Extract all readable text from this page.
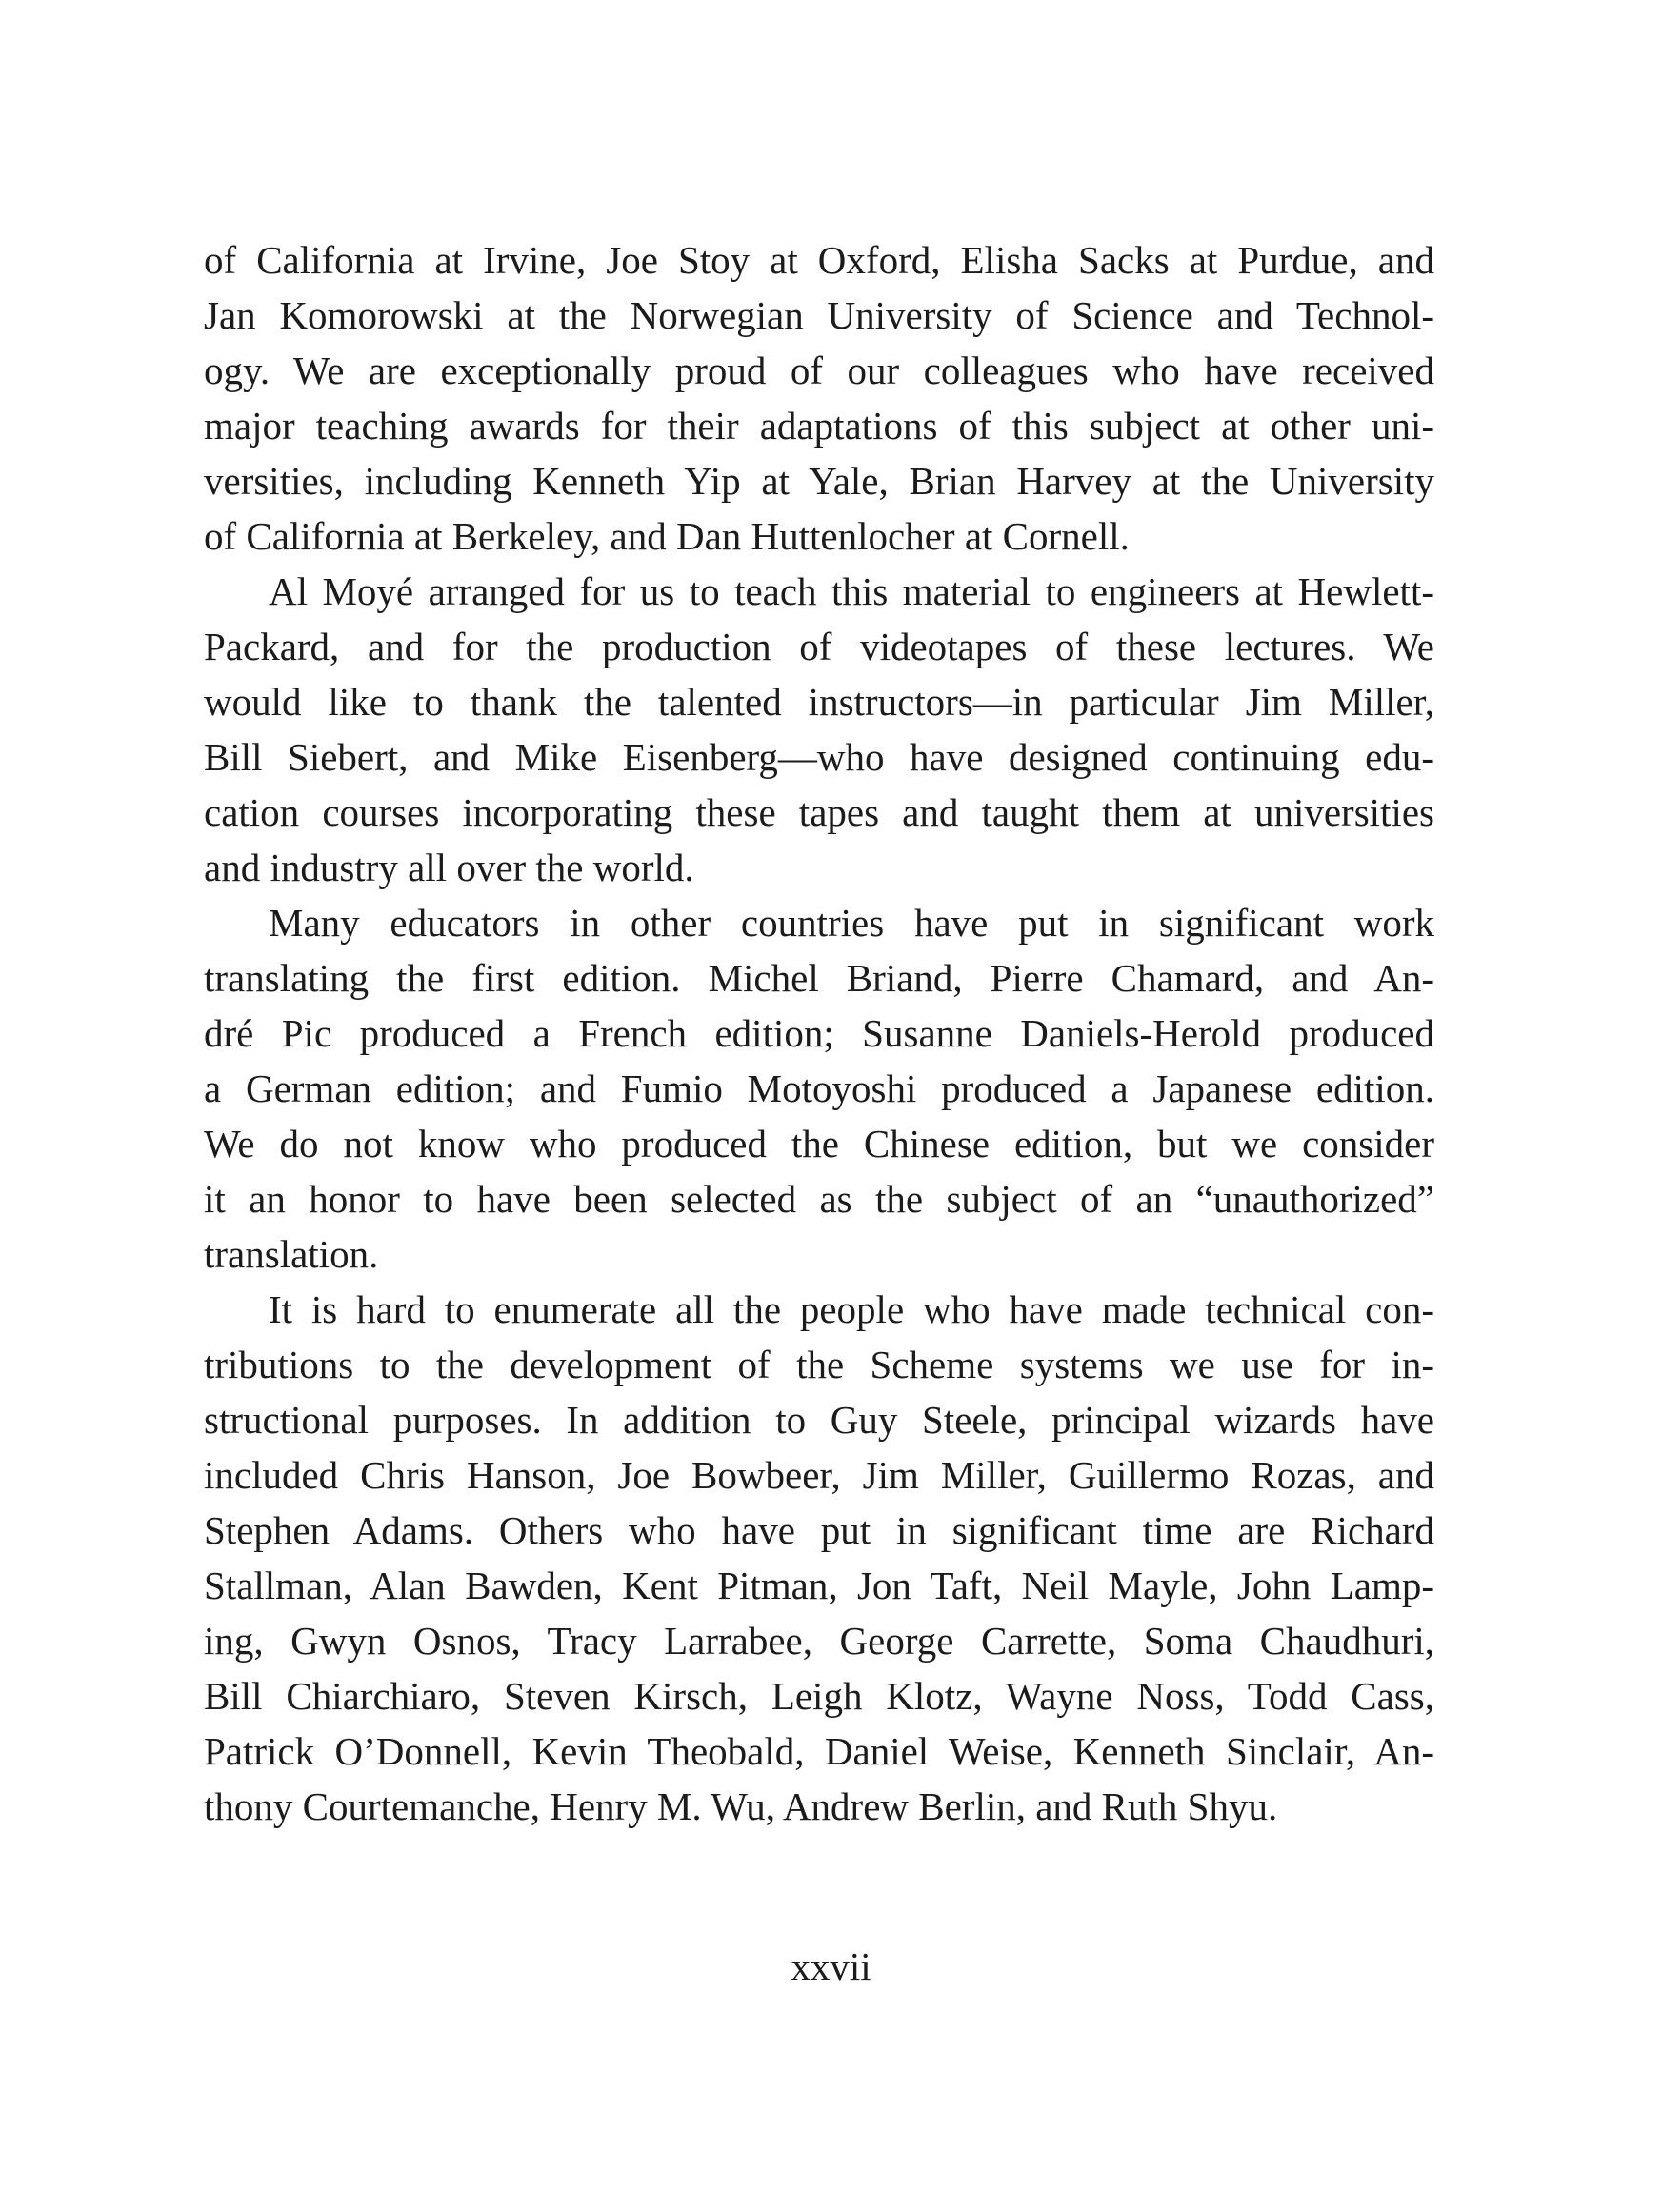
of California at Irvine, Joe Stoy at Oxford, Elisha Sacks at Purdue, and
Jan Komorowski at the Norwegian University of Science and Technol-
ogy. We are exceptionally proud of our colleagues who have received
major teaching awards for their adaptations of this subject at other uni-
versities, including Kenneth Yip at Yale, Brian Harvey at the University
of California at Berkeley, and Dan Huttenlocher at Cornell.
Al Moyé arranged for us to teach this material to engineers at Hewlett-
Packard, and for the production of videotapes of these lectures. We
would like to thank the talented instructors—in particular Jim Miller,
Bill Siebert, and Mike Eisenberg—who have designed continuing edu-
cation courses incorporating these tapes and taught them at universities
and industry all over the world.
Many educators in other countries have put in significant work
translating the first edition. Michel Briand, Pierre Chamard, and An-
dré Pic produced a French edition; Susanne Daniels-Herold produced
a German edition; and Fumio Motoyoshi produced a Japanese edition.
We do not know who produced the Chinese edition, but we consider
it an honor to have been selected as the subject of an “unauthorized”
translation.
It is hard to enumerate all the people who have made technical con-
tributions to the development of the Scheme systems we use for in-
structional purposes. In addition to Guy Steele, principal wizards have
included Chris Hanson, Joe Bowbeer, Jim Miller, Guillermo Rozas, and
Stephen Adams. Others who have put in significant time are Richard
Stallman, Alan Bawden, Kent Pitman, Jon Taft, Neil Mayle, John Lamp-
ing, Gwyn Osnos, Tracy Larrabee, George Carrette, Soma Chaudhuri,
Bill Chiarchiaro, Steven Kirsch, Leigh Klotz, Wayne Noss, Todd Cass,
Patrick O’Donnell, Kevin Theobald, Daniel Weise, Kenneth Sinclair, An-
thony Courtemanche, Henry M. Wu, Andrew Berlin, and Ruth Shyu.
xxvii
